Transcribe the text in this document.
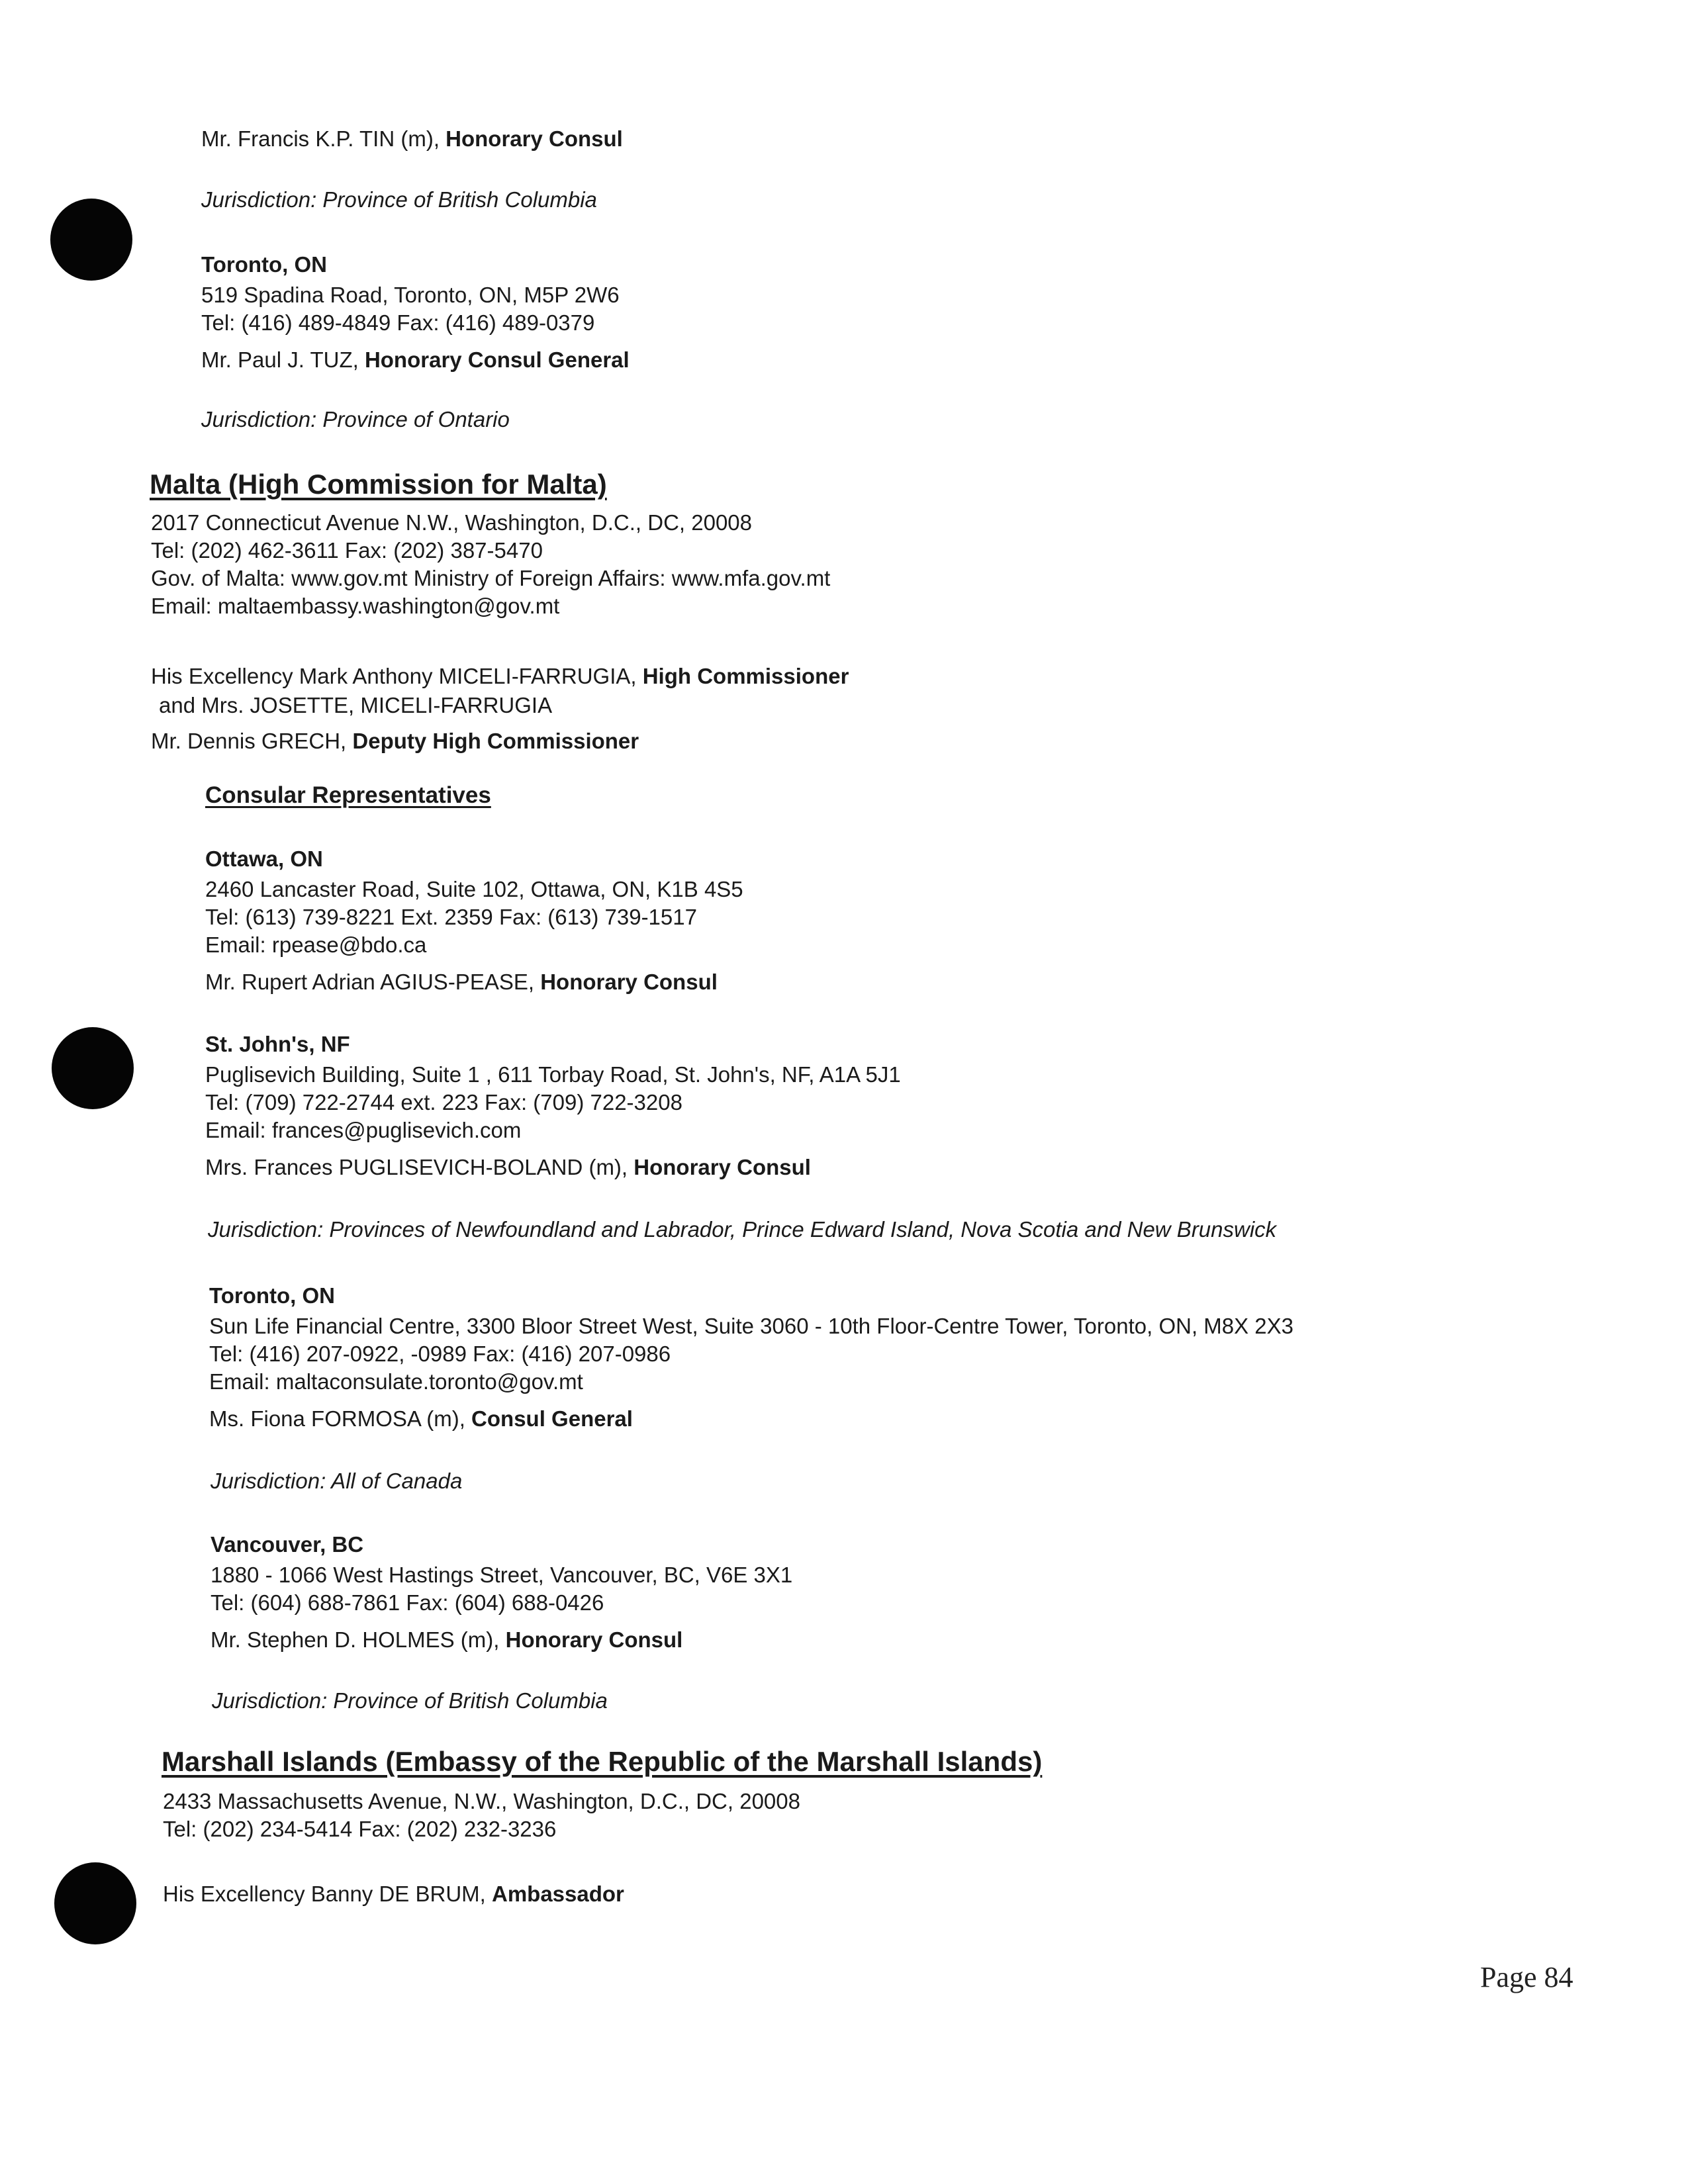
Mr. Francis K.P. TIN (m), Honorary Consul

Jurisdiction: Province of British Columbia

Toronto, ON

519 Spadina Road, Toronto, ON, M5P 2W6

Tel: (416) 489-4849 Fax: (416) 489-0379

Mr. Paul J. TUZ, Honorary Consul General

Jurisdiction: Province of Ontario

Malta (High Commission for Malta)

2017 Connecticut Avenue N.W., Washington, D.C., DC, 20008

Tel: (202) 462-3611 Fax: (202) 387-5470

Gov. of Malta: www.gov.mt Ministry of Foreign Affairs: www.mfa.gov.mt

Email: maltaembassy.washington@gov.mt

His Excellency Mark Anthony MICELI-FARRUGIA, High Commissioner

and Mrs. JOSETTE, MICELI-FARRUGIA

Mr. Dennis GRECH, Deputy High Commissioner

Consular Representatives

Ottawa, ON

2460 Lancaster Road, Suite 102, Ottawa, ON, K1B 4S5

Tel: (613) 739-8221 Ext. 2359 Fax: (613) 739-1517

Email: rpease@bdo.ca

Mr. Rupert Adrian AGIUS-PEASE, Honorary Consul

St. John's, NF

Puglisevich Building, Suite 1 , 611 Torbay Road, St. John's, NF, A1A 5J1

Tel: (709) 722-2744 ext. 223 Fax: (709) 722-3208

Email: frances@puglisevich.com

Mrs. Frances PUGLISEVICH-BOLAND (m), Honorary Consul

Jurisdiction: Provinces of Newfoundland and Labrador, Prince Edward Island, Nova Scotia and New Brunswick

Toronto, ON

Sun Life Financial Centre, 3300 Bloor Street West, Suite 3060 - 10th Floor-Centre Tower, Toronto, ON, M8X 2X3

Tel: (416) 207-0922, -0989 Fax: (416) 207-0986

Email: maltaconsulate.toronto@gov.mt

Ms. Fiona FORMOSA (m), Consul General

Jurisdiction: All of Canada

Vancouver, BC

1880 - 1066 West Hastings Street, Vancouver, BC, V6E 3X1

Tel: (604) 688-7861 Fax: (604) 688-0426

Mr. Stephen D. HOLMES (m), Honorary Consul

Jurisdiction: Province of British Columbia

Marshall Islands (Embassy of the Republic of the Marshall Islands)

2433 Massachusetts Avenue, N.W., Washington, D.C., DC, 20008

Tel: (202) 234-5414 Fax: (202) 232-3236

His Excellency Banny DE BRUM, Ambassador

Page 84
